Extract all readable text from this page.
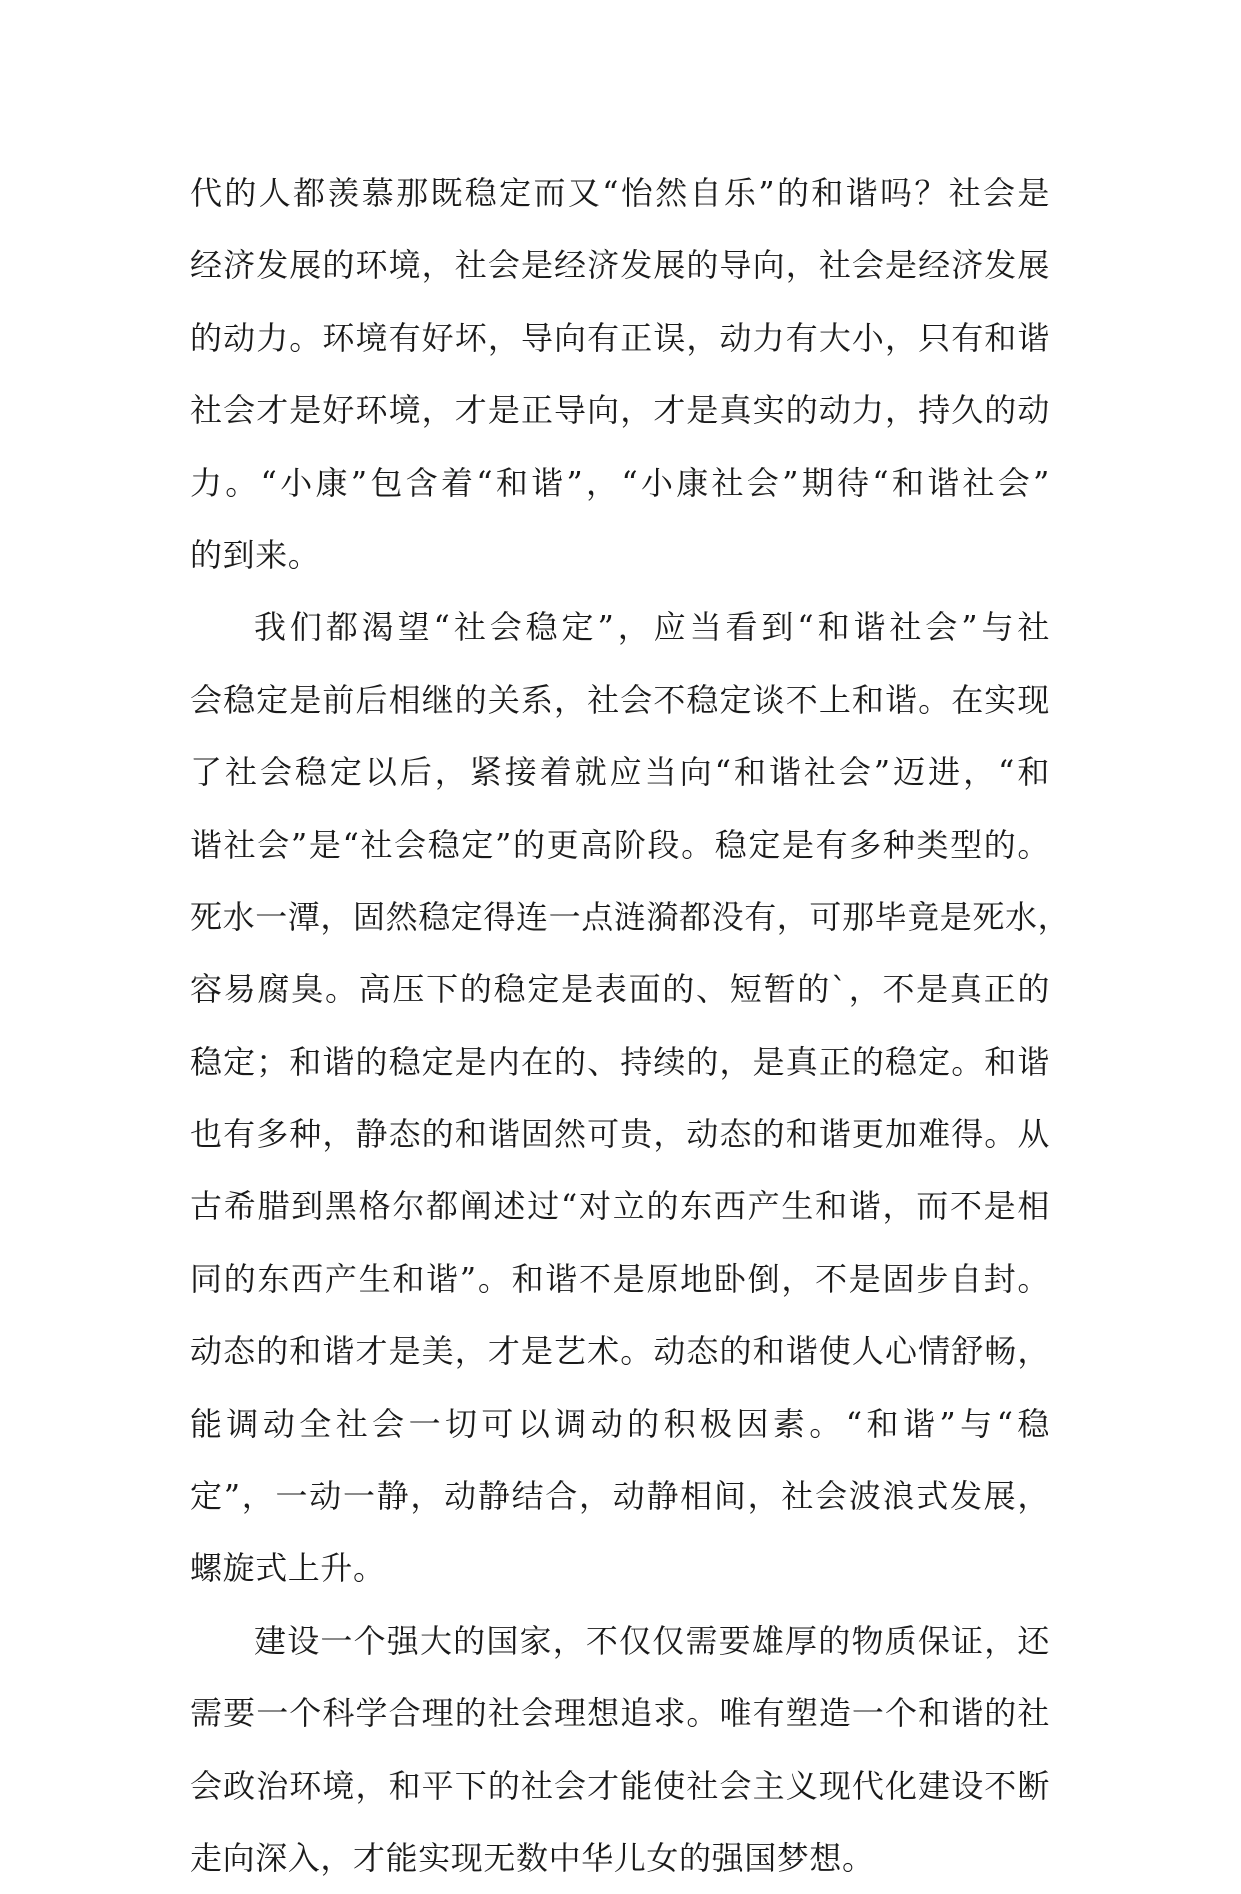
代的人都羡慕那既稳定而又“怡然自乐”的和谐吗？社会是
经济发展的环境，社会是经济发展的导向，社会是经济发展
的动力。环境有好坏，导向有正误，动力有大小，只有和谐
社会才是好环境，才是正导向，才是真实的动力，持久的动
力。“小康”包含着“和谐”，“小康社会”期待“和谐社会”
的到来。
我们都渴望“社会稳定”，应当看到“和谐社会”与社
会稳定是前后相继的关系，社会不稳定谈不上和谐。在实现
了社会稳定以后，紧接着就应当向“和谐社会”迈进，“和
谐社会”是“社会稳定”的更高阶段。稳定是有多种类型的。
死水一潭，固然稳定得连一点涟漪都没有，可那毕竟是死水，
容易腐臭。高压下的稳定是表面的、短暂的`，不是真正的
稳定；和谐的稳定是内在的、持续的，是真正的稳定。和谐
也有多种，静态的和谐固然可贵，动态的和谐更加难得。从
古希腊到黑格尔都阐述过“对立的东西产生和谐，而不是相
同的东西产生和谐”。和谐不是原地卧倒，不是固步自封。
动态的和谐才是美，才是艺术。动态的和谐使人心情舒畅，
能调动全社会一切可以调动的积极因素。“和谐”与“稳
定”，一动一静，动静结合，动静相间，社会波浪式发展，
螺旋式上升。
建设一个强大的国家，不仅仅需要雄厚的物质保证，还
需要一个科学合理的社会理想追求。唯有塑造一个和谐的社
会政治环境，和平下的社会才能使社会主义现代化建设不断
走向深入，才能实现无数中华儿女的强国梦想。
